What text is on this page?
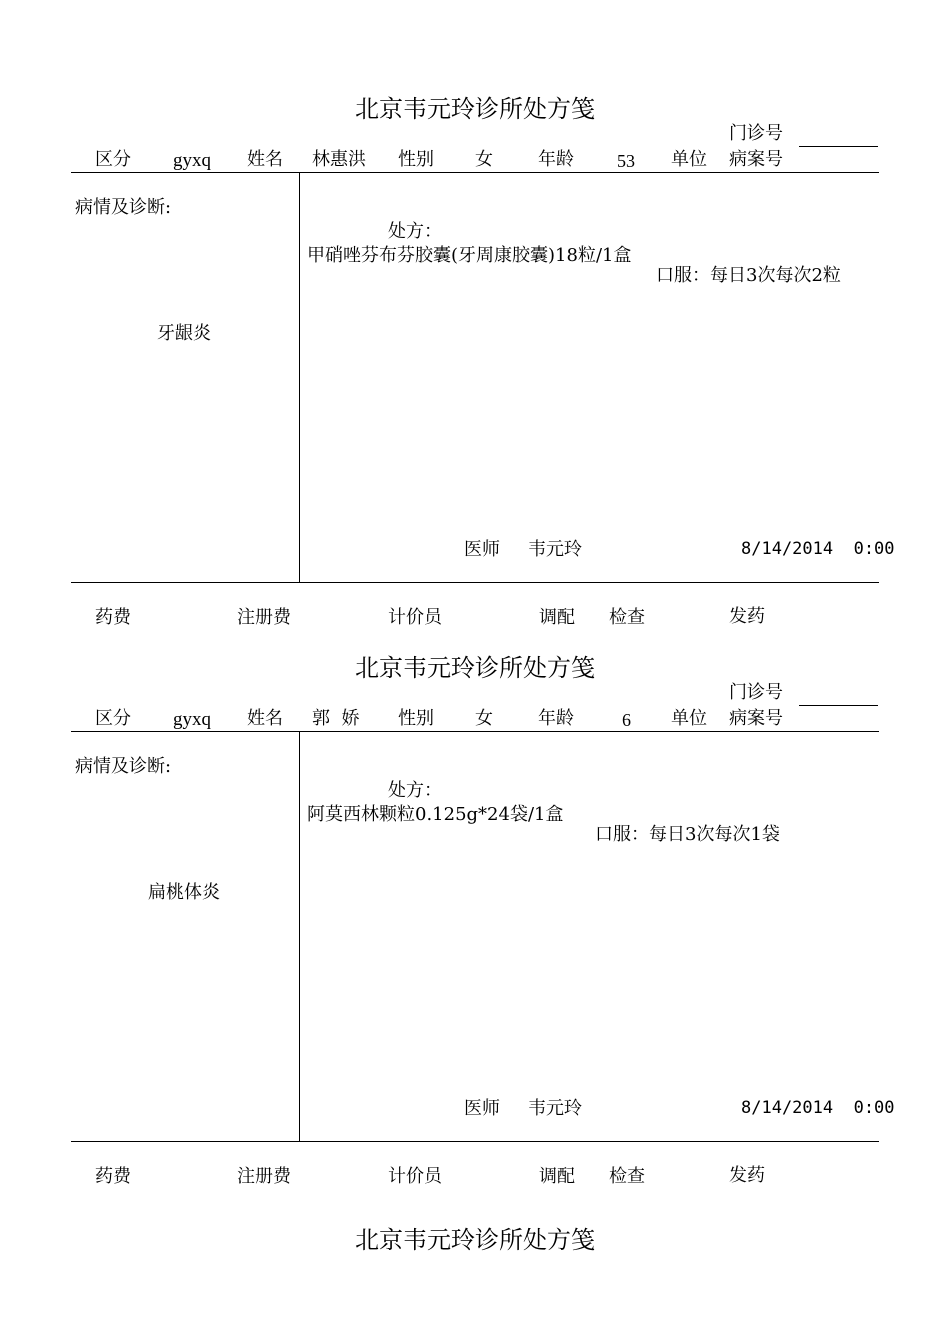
北京韦元玲诊所处方笺
门诊号
区分 gyxq 姓名 林惠洪 性别 女	年龄 53 单位 病案号
病情及诊断:
牙龈炎
处方：
甲硝唑芬布芬胶囊(牙周康胶囊)18粒/1盒
口服：每日3次每次2粒
医师 韦元玲	8/14/2014  0:00
药费	注册费	计价员	调配 检查	发药
北京韦元玲诊所处方笺
门诊号
区分 gyxq 姓名 郭  娇 性别 女	年龄	6 单位 病案号
病情及诊断:
扁桃体炎
处方：
阿莫西林颗粒0.125g*24袋/1盒
口服：每日3次每次1袋
医师 韦元玲	8/14/2014  0:00
药费	注册费	计价员	调配 检查	发药
北京韦元玲诊所处方笺
